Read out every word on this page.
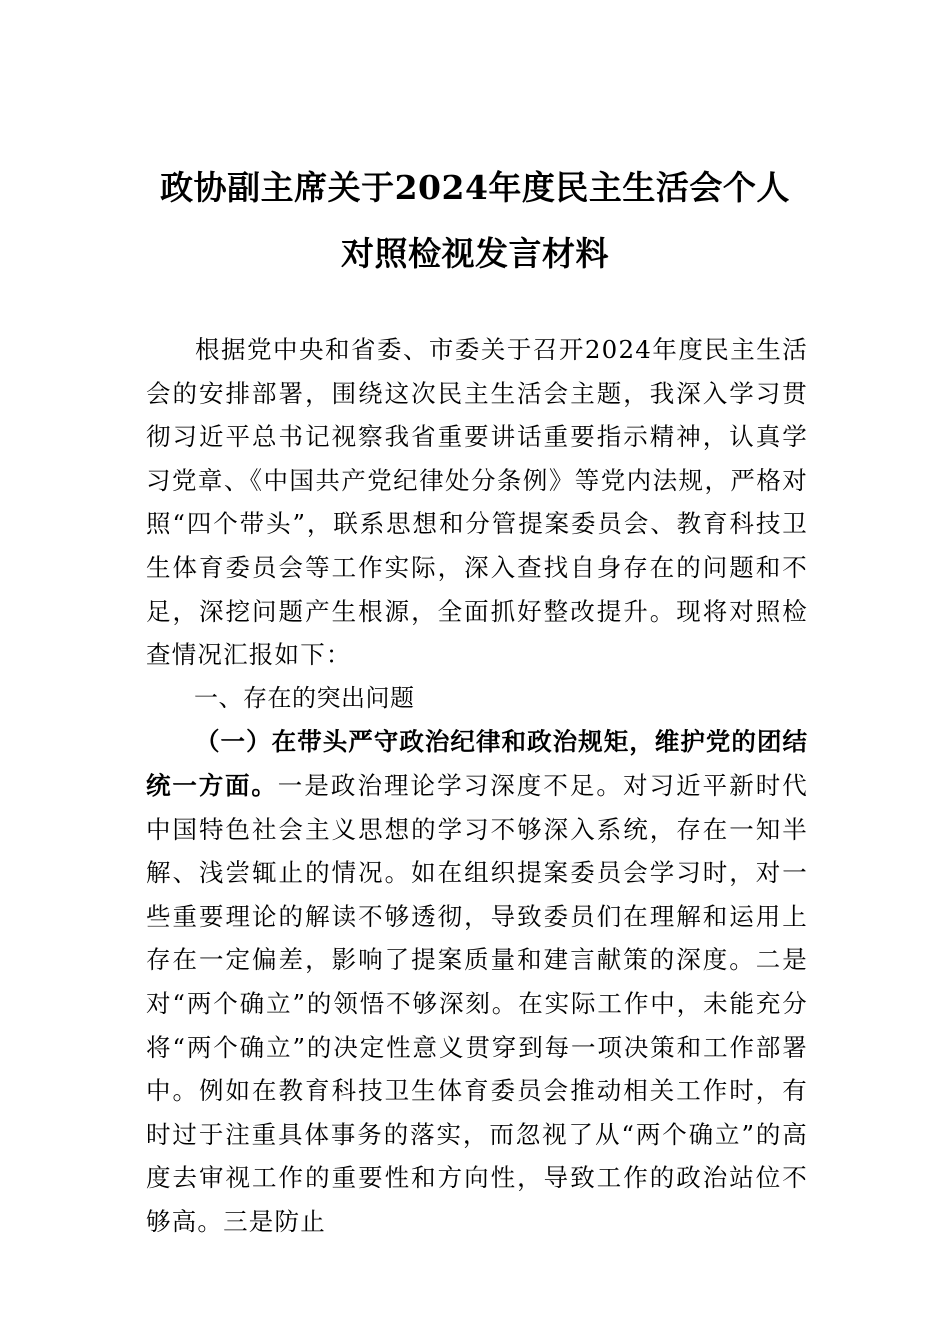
政协副主席关于2024年度民主生活会个人
对照检视发言材料

根据党中央和省委、市委关于召开2024年度民主生活会的安排部署，围绕这次民主生活会主题，我深入学习贯彻习近平总书记视察我省重要讲话重要指示精神，认真学习党章、《中国共产党纪律处分条例》等党内法规，严格对照“四个带头”，联系思想和分管提案委员会、教育科技卫生体育委员会等工作实际，深入查找自身存在的问题和不足，深挖问题产生根源，全面抓好整改提升。现将对照检查情况汇报如下：

一、存在的突出问题

（一）在带头严守政治纪律和政治规矩，维护党的团结统一方面。一是政治理论学习深度不足。对习近平新时代中国特色社会主义思想的学习不够深入系统，存在一知半解、浅尝辄止的情况。如在组织提案委员会学习时，对一些重要理论的解读不够透彻，导致委员们在理解和运用上存在一定偏差，影响了提案质量和建言献策的深度。二是对“两个确立”的领悟不够深刻。在实际工作中，未能充分将“两个确立”的决定性意义贯穿到每一项决策和工作部署中。例如在教育科技卫生体育委员会推动相关工作时，有时过于注重具体事务的落实，而忽视了从“两个确立”的高度去审视工作的重要性和方向性，导致工作的政治站位不够高。三是防止
